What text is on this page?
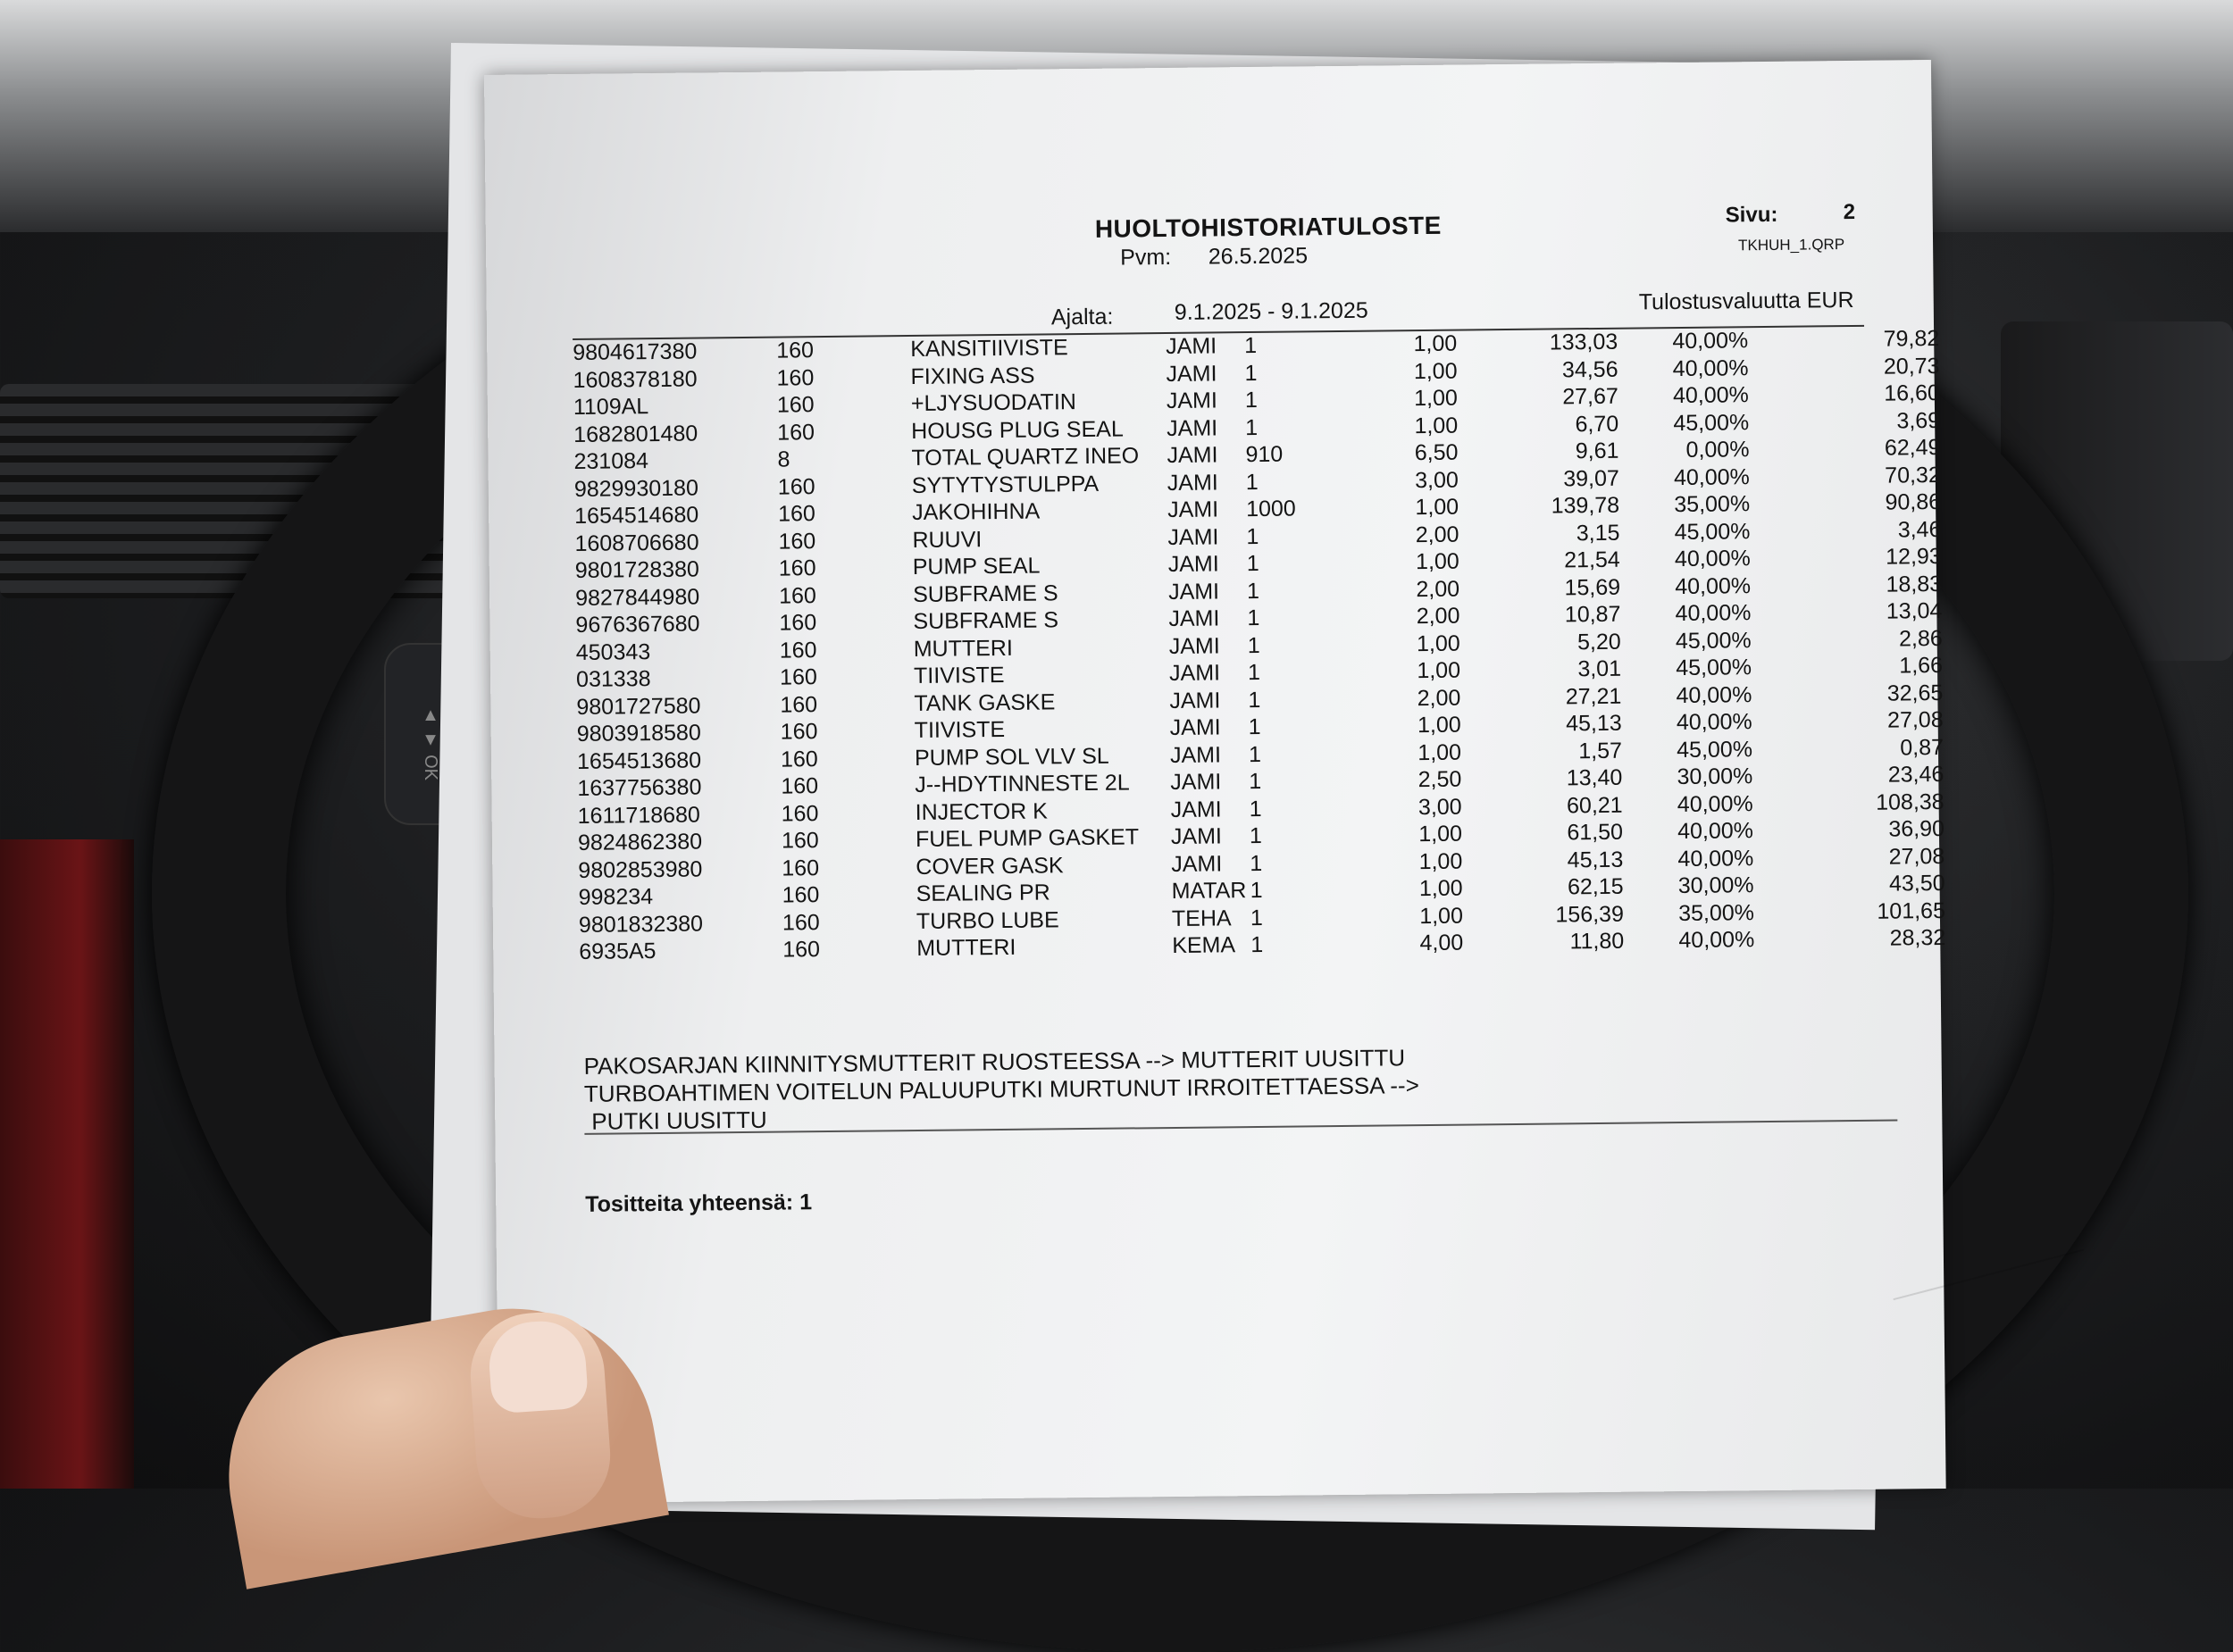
▲ ▼ OK
HUOLTOHISTORIATULOSTE
Pvm: 26.5.2025
Sivu:	2
TKHUH_1.QRP
Ajalta:	9.1.2025 - 9.1.2025	Tulostusvaluutta EUR
9804617380	160	KANSITIIVISTE	JAMI 1	1,00	133,03	40,00%	79,82
1608378180	160	FIXING ASS	JAMI 1	1,00	34,56	40,00%	20,73
1109AL	160	+LJYSUODATIN	JAMI 1	1,00	27,67	40,00%	16,60
1682801480	160	HOUSG PLUG SEAL JAMI 1	1,00	6,70	45,00%	3,69
231084	8	TOTAL QUARTZ INEO JAMI 910	6,50	9,61	0,00%	62,49
9829930180	160	SYTYTYSTULPPA	JAMI 1	3,00	39,07	40,00%	70,32
1654514680	160	JAKOHIHNA	JAMI 1000	1,00	139,78	35,00%	90,86
1608706680	160	RUUVI	JAMI 1	2,00	3,15	45,00%	3,46
9801728380	160	PUMP SEAL	JAMI 1	1,00	21,54	40,00%	12,93
9827844980	160	SUBFRAME S	JAMI 1	2,00	15,69	40,00%	18,83
9676367680	160	SUBFRAME S	JAMI 1	2,00	10,87	40,00%	13,04
450343	160	MUTTERI	JAMI 1	1,00	5,20	45,00%	2,86
031338	160	TIIVISTE	JAMI 1	1,00	3,01	45,00%	1,66
9801727580	160	TANK GASKE	JAMI 1	2,00	27,21	40,00%	32,65
9803918580	160	TIIVISTE	JAMI 1	1,00	45,13	40,00%	27,08
1654513680	160	PUMP SOL VLV SL	JAMI 1	1,00	1,57	45,00%	0,87
1637756380	160	J--HDYTINNESTE 2L JAMI 1	2,50	13,40	30,00%	23,46
1611718680	160	INJECTOR K	JAMI 1	3,00	60,21	40,00%	108,38
9824862380	160	FUEL PUMP GASKET JAMI 1	1,00	61,50	40,00%	36,90
9802853980	160	COVER GASK	JAMI 1	1,00	45,13	40,00%	27,08
998234	160	SEALING PR	MATAR 1	1,00	62,15	30,00%	43,50
9801832380	160	TURBO LUBE	TEHA 1	1,00	156,39	35,00%	101,65
6935A5	160	MUTTERI	KEMA 1	4,00	11,80	40,00%	28,32
PAKOSARJAN KIINNITYSMUTTERIT RUOSTEESSA --> MUTTERIT UUSITTU
TURBOAHTIMEN VOITELUN PALUUPUTKI MURTUNUT IRROITETTAESSA -->
PUTKI UUSITTU
Tositteita yhteensä: 1
